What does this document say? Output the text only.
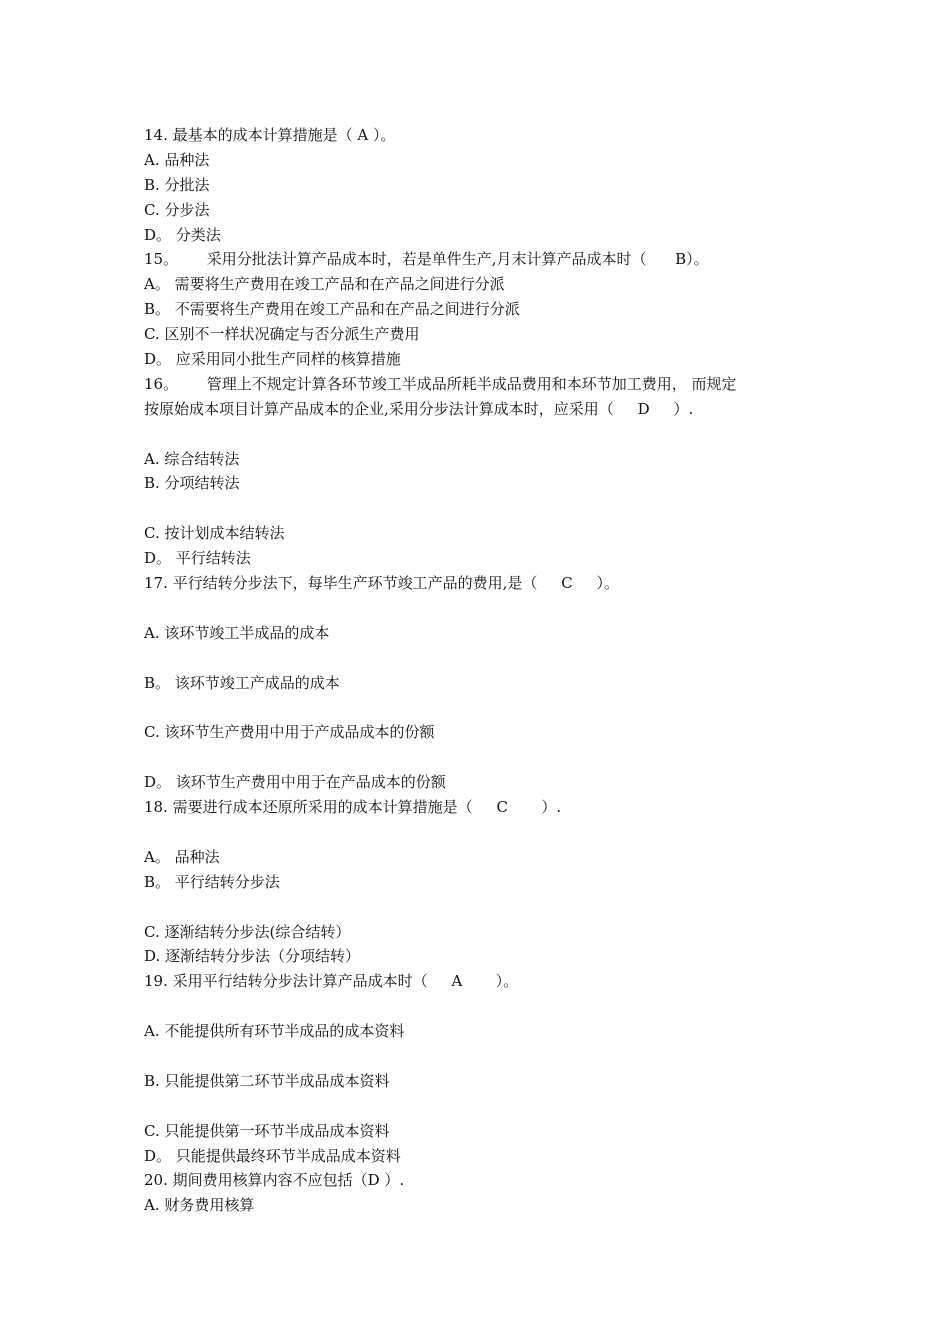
14. 最基本的成本计算措施是（ A ）。
A. 品种法
B. 分批法
C. 分步法
D。 分类法
15。      采用分批法计算产品成本时，若是单件生产,月末计算产品成本时（      B）。
A。 需要将生产费用在竣工产品和在产品之间进行分派
B。 不需要将生产费用在竣工产品和在产品之间进行分派
C. 区别不一样状况确定与否分派生产费用
D。 应采用同小批生产同样的核算措施
16。      管理上不规定计算各环节竣工半成品所耗半成品费用和本环节加工费用， 而规定
按原始成本项目计算产品成本的企业,采用分步法计算成本时，应采用（     D     ）.
A. 综合结转法
B. 分项结转法
C. 按计划成本结转法
D。 平行结转法
17. 平行结转分步法下，每毕生产环节竣工产品的费用,是（     C     ）。
A. 该环节竣工半成品的成本
B。 该环节竣工产成品的成本
C. 该环节生产费用中用于产成品成本的份额
D。 该环节生产费用中用于在产品成本的份额
18. 需要进行成本还原所采用的成本计算措施是（     C       ）.
A。 品种法
B。 平行结转分步法
C. 逐渐结转分步法(综合结转）
D. 逐渐结转分步法（分项结转）
19. 采用平行结转分步法计算产品成本时（     A       ）。
A. 不能提供所有环节半成品的成本资料
B. 只能提供第二环节半成品成本资料
C. 只能提供第一环节半成品成本资料
D。 只能提供最终环节半成品成本资料
20. 期间费用核算内容不应包括（D ）.
A. 财务费用核算
